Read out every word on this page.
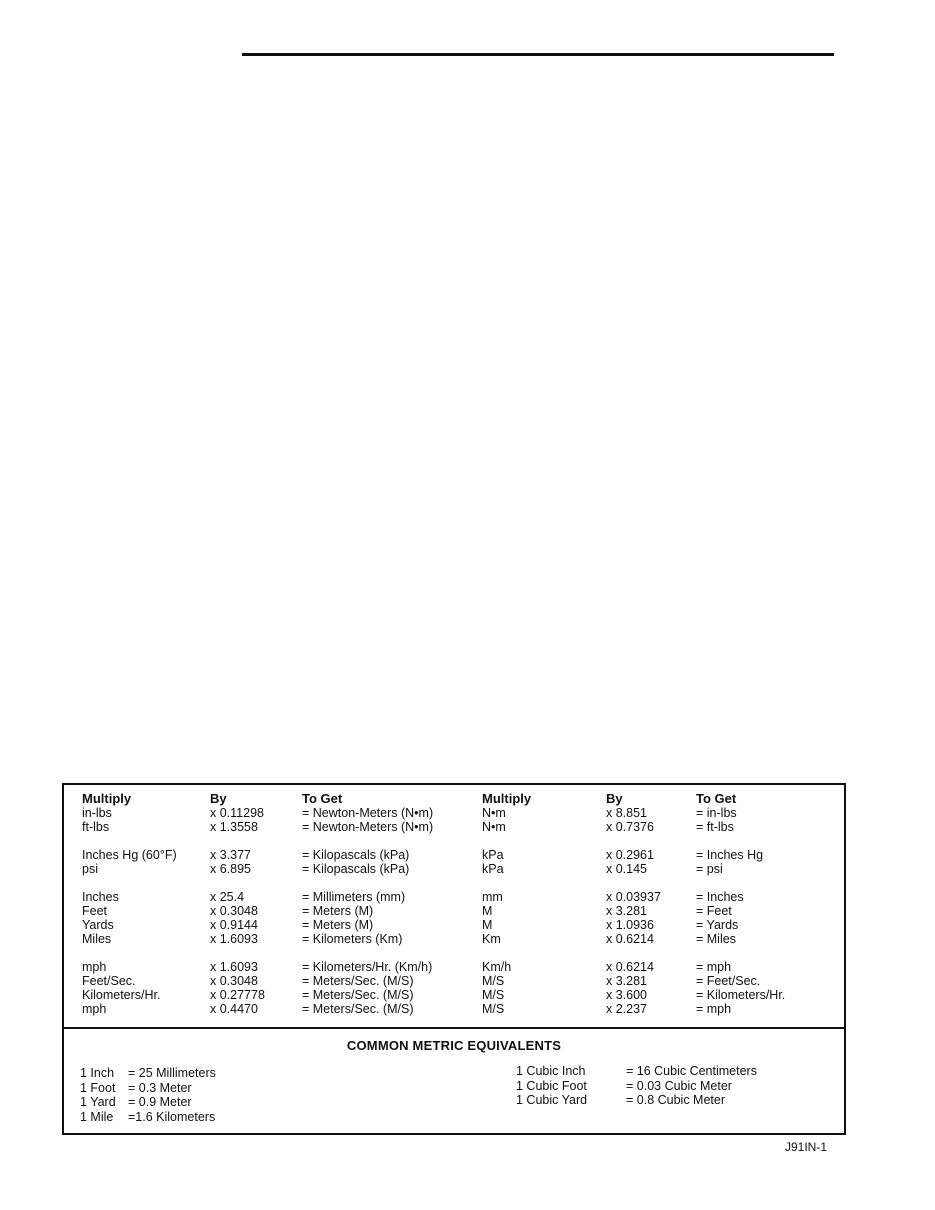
Multiply	By	To Get	Multiply	By	To Get
in-lbs	x 0.11298	= Newton-Meters (N•m)	N•m	x 8.851	= in-lbs
ft-lbs	x 1.3558	= Newton-Meters (N•m)	N•m	x 0.7376	= ft-lbs
Inches Hg (60°F)	x 3.377	= Kilopascals (kPa)	kPa	x 0.2961	= Inches Hg
psi	x 6.895	= Kilopascals (kPa)	kPa	x 0.145	= psi
Inches	x 25.4	= Millimeters (mm)	mm	x 0.03937	= Inches
Feet	x 0.3048	= Meters (M)	M	x 3.281	= Feet
Yards	x 0.9144	= Meters (M)	M	x 1.0936	= Yards
Miles	x 1.6093	= Kilometers (Km)	Km	x 0.6214	= Miles
mph	x 1.6093	= Kilometers/Hr. (Km/h)	Km/h	x 0.6214	= mph
Feet/Sec.	x 0.3048	= Meters/Sec. (M/S)	M/S	x 3.281	= Feet/Sec.
Kilometers/Hr.	x 0.27778	= Meters/Sec. (M/S)	M/S	x 3.600	= Kilometers/Hr.
mph	x 0.4470	= Meters/Sec. (M/S)	M/S	x 2.237	= mph
COMMON METRIC EQUIVALENTS
1 Inch = 25 Millimeters
1 Foot = 0.3 Meter
1 Yard = 0.9 Meter
1 Mile =1.6 Kilometers
1 Cubic Inch	= 16 Cubic Centimeters
1 Cubic Foot	= 0.03 Cubic Meter
1 Cubic Yard	= 0.8 Cubic Meter
J91IN-1
